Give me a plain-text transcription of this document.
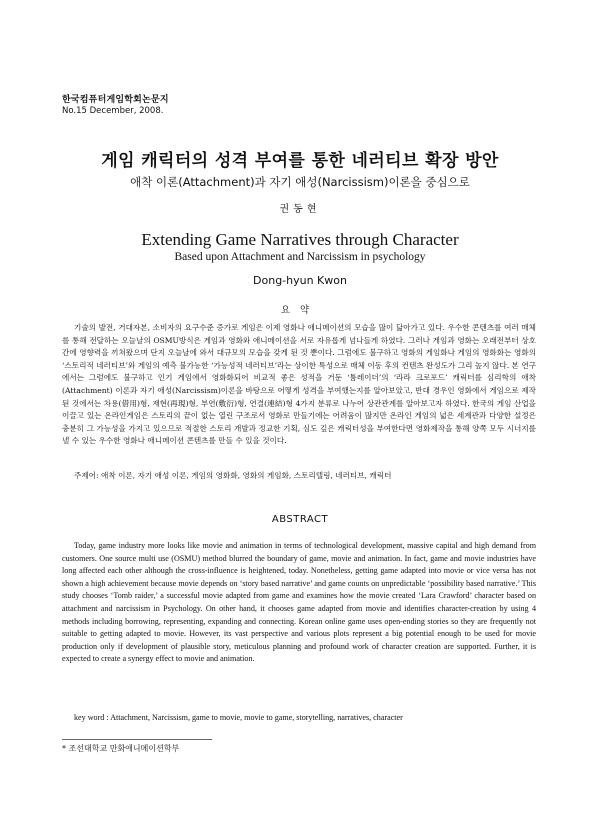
한국컴퓨터게임학회논문지
No.15 December, 2008.
게임 캐릭터의 성격 부여를 통한 네러티브 확장 방안
애착 이론(Attachment)과 자기 애성(Narcissism)이론을 중심으로
권동현
Extending Game Narratives through Character
Based upon Attachment and Narcissism in psychology
Dong-hyun Kwon
요약

기술의 발전, 거대자본, 소비자의 요구수준 증가로 게임은 이제 영화나 애니메이션의 모습을 많이 닮아가고 있다. 우수한 콘텐츠를 여러 매체를 통해 전달하는 오늘날의 OSMU방식은 게임과 영화와 애니메이션을 서로 자유롭게 넘나들게 하였다. 그러나 게임과 영화는 오래전부터 상호간에 영향력을 끼쳐왔으며 단지 오늘날에 와서 대규모의 모습을 갖게 된 것 뿐이다. 그럼에도 불구하고 영화의 게임화나 게임의 영화화는 영화의 ‘스토리적 네러티브’와 게임의 예측 불가능한 ‘가능성적 네러티브’라는 상이한 특성으로 매체 이동 후의 컨텐츠 완성도가 그리 높지 않다. 본 연구에서는 그럼에도 불구하고 인기 게임에서 영화화되어 비교적 좋은 성적을 거둔 ‘툼레이더’의 ‘라라 크로포드’ 캐릭터를 심리학의 애착(Attachment) 이론과 자기 애성(Narcissism)이론을 바탕으로 어떻게 성격을 부여했는지를 알아보았고, 반대 경우인 영화에서 게임으로 제작된 것에서는 차용(借用)형, 재현(再現)형, 부연(敷衍)형, 연결(連結)형 4가지 분류로 나누어 상관관계를 알아보고자 하였다. 한국의 게임 산업을 이끌고 있는 온라인게임은 스토리의 끝이 없는 열린 구조로서 영화로 만들기에는 어려움이 많지만 온라인 게임의 넓은 세계관과 다양한 설정은 충분히 그 가능성을 가지고 있으므로 적절한 스토리 개발과 정교한 기획, 심도 깊은 캐릭터성을 부여한다면 영화제작을 통해 양쪽 모두 시너지를 낼 수 있는 우수한 영화나 애니메이션 콘텐츠를 만들 수 있을 것이다.

주제어: 애착 이론, 자기 애성 이론, 게임의 영화화, 영화의 게임화, 스토리텔링, 네러티브, 캐릭터
ABSTRACT

Today, game industry more looks like movie and animation in terms of technological development, massive capital and high demand from customers. One source multi use (OSMU) method blurred the boundary of game, movie and animation. In fact, game and movie industries have long affected each other although the cross-influence is heightened, today. Nonetheless, getting game adapted into movie or vice versa has not shown a high achievement because movie depends on ‘story based narrative’ and game counts on unpredictable ‘possibility based narrative.’ This study chooses ‘Tomb raider,’ a successful movie adapted from game and examines how the movie created ‘Lara Crawford’ character based on attachment and narcissism in Psychology. On other hand, it chooses game adapted from movie and identifies character-creation by using 4 methods including borrowing, representing, expanding and connecting. Korean online game uses open-ending stories so they are frequently not suitable to getting adapted to movie. However, its vast perspective and various plots represent a big potential enough to be used for movie production only if development of plausible story, meticulous planning and profound work of character creation are supported. Further, it is expected to create a synergy effect to movie and animation.

key word : Attachment, Narcissism, game to movie, movie to game, storytelling, narratives, character
* 조선대학교 만화애니메이션학부
